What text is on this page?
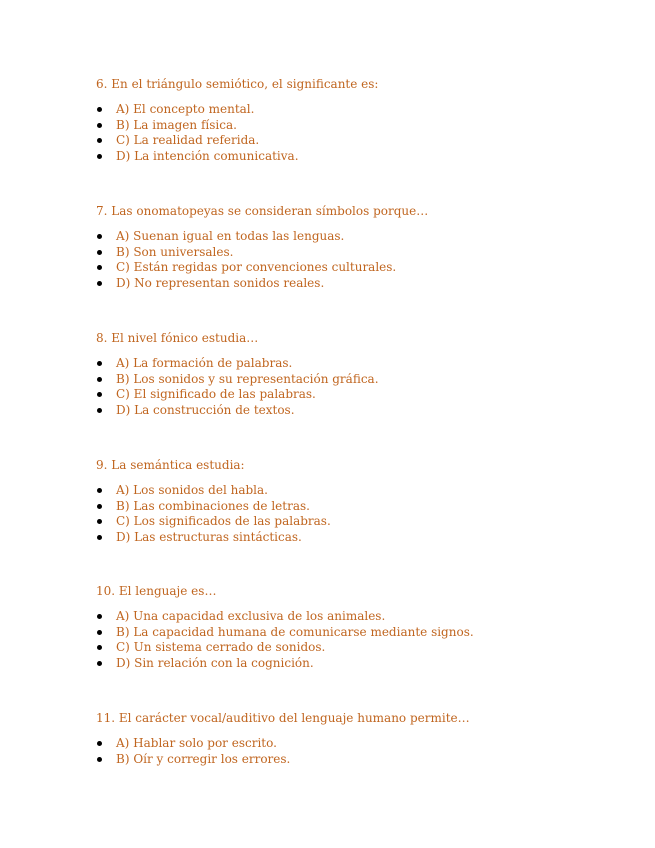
6. En el triángulo semiótico, el significante es:

A) El concepto mental.
B) La imagen física.
C) La realidad referida.
D) La intención comunicativa.

7. Las onomatopeyas se consideran símbolos porque…

A) Suenan igual en todas las lenguas.
B) Son universales.
C) Están regidas por convenciones culturales.
D) No representan sonidos reales.

8. El nivel fónico estudia…

A) La formación de palabras.
B) Los sonidos y su representación gráfica.
C) El significado de las palabras.
D) La construcción de textos.

9. La semántica estudia:

A) Los sonidos del habla.
B) Las combinaciones de letras.
C) Los significados de las palabras.
D) Las estructuras sintácticas.

10. El lenguaje es…

A) Una capacidad exclusiva de los animales.
B) La capacidad humana de comunicarse mediante signos.
C) Un sistema cerrado de sonidos.
D) Sin relación con la cognición.

11. El carácter vocal/auditivo del lenguaje humano permite…

A) Hablar solo por escrito.
B) Oír y corregir los errores.
